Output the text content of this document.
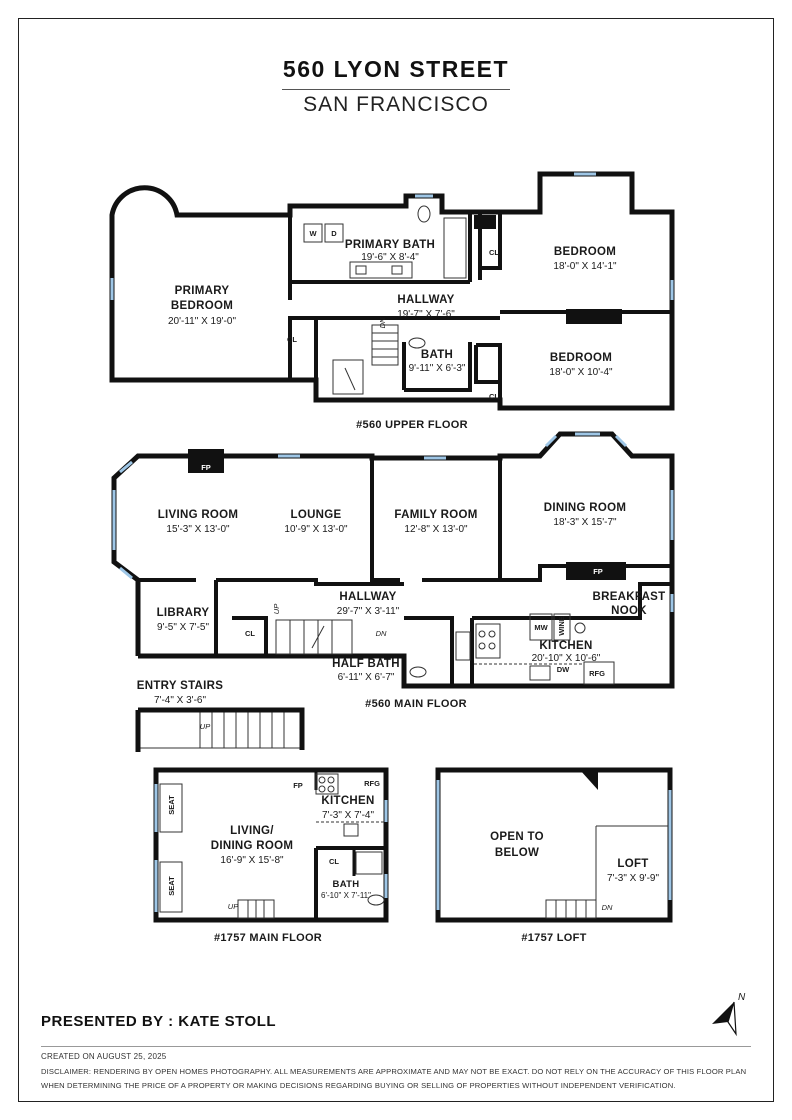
560 LYON STREET
SAN FRANCISCO
W D
CL
CL
CL
DN
PRIMARY
BEDROOM
20'-11" X 19'-0"
PRIMARY BATH
19'-6" X 8'-4"	BEDROOM
18'-0" X 14'-1"
HALLWAY
19'-7" X 7'-6"
BATH
9'-11" X 6'-3"
BEDROOM
18'-0" X 10'-4"
#560 UPPER FLOOR
FP
FP
LIVING ROOM
15'-3" X 13'-0"
LOUNGE
10'-9" X 13'-0"
FAMILY ROOM
12'-8" X 13'-0"
DINING ROOM
18'-3" X 15'-7"
HALLWAY
29'-7" X 3'-11"
LIBRARY
9'-5" X 7'-5"
BREAKFAST
NOOK
KITCHEN
20'-10" X 10'-6"
HALF BATH
6'-11" X 6'-7"
ENTRY STAIRS
7'-4" X 3'-6"
CL
UP
DN
UP
MW WINE
DW	RFG
#560 MAIN FLOOR
SEAT
SEAT
FP	RFG
CL
UP
KITCHEN
7'-3" X 7'-4"
LIVING/
DINING ROOM
16'-9" X 15'-8"
BATH
6'-10" X 7'-11"
#1757 MAIN FLOOR
OPEN TO
BELOW
LOFT
7'-3" X 9'-9"
DN
#1757 LOFT
N
PRESENTED BY : KATE STOLL
CREATED ON AUGUST 25, 2025
DISCLAIMER: RENDERING BY OPEN HOMES PHOTOGRAPHY. ALL MEASUREMENTS ARE APPROXIMATE AND MAY NOT BE EXACT. DO NOT RELY ON THE ACCURACY OF THIS FLOOR PLAN WHEN DETERMINING THE PRICE OF A PROPERTY OR MAKING DECISIONS REGARDING BUYING OR SELLING OF PROPERTIES WITHOUT INDEPENDENT VERIFICATION.
